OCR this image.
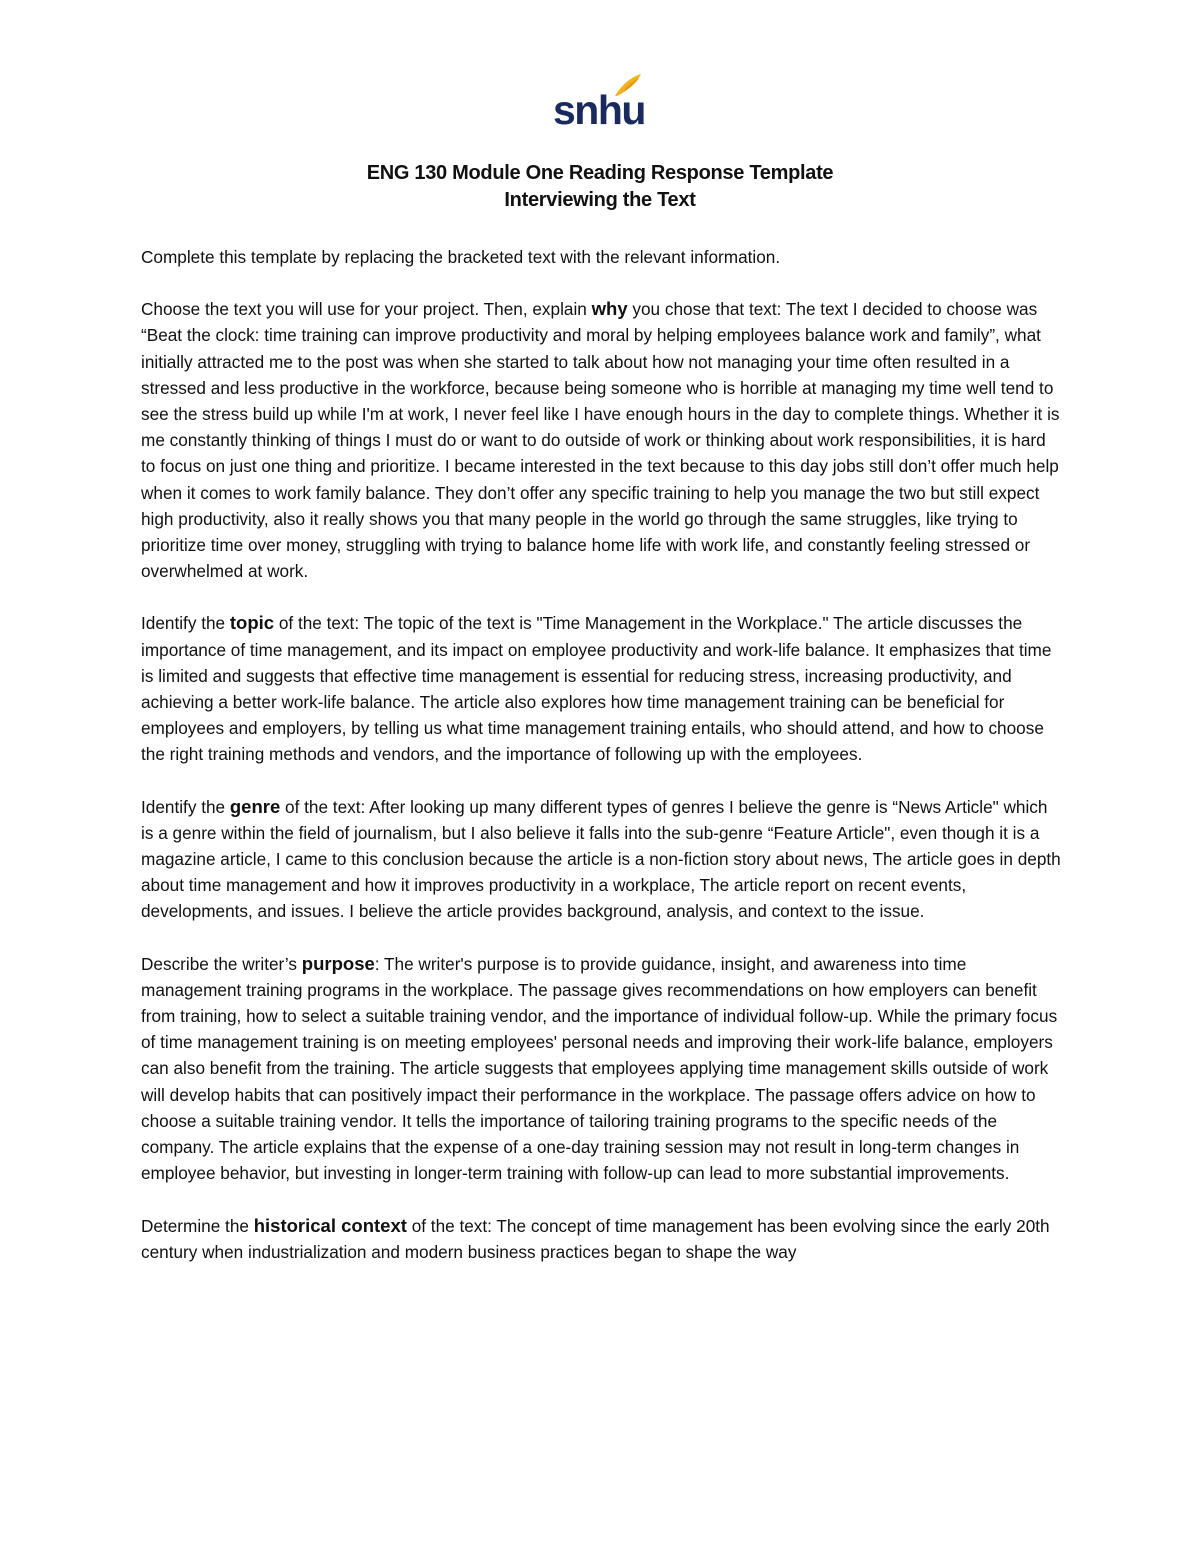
snhu
ENG 130 Module One Reading Response Template
Interviewing the Text

Complete this template by replacing the bracketed text with the relevant information.

Choose the text you will use for your project. Then, explain why you chose that text: The text I decided to choose was “Beat the clock: time training can improve productivity and moral by helping employees balance work and family”, what initially attracted me to the post was when she started to talk about how not managing your time often resulted in a stressed and less productive in the workforce, because being someone who is horrible at managing my time well tend to see the stress build up while I'm at work, I never feel like I have enough hours in the day to complete things. Whether it is me constantly thinking of things I must do or want to do outside of work or thinking about work responsibilities, it is hard to focus on just one thing and prioritize. I became interested in the text because to this day jobs still don’t offer much help when it comes to work family balance. They don’t offer any specific training to help you manage the two but still expect high productivity, also it really shows you that many people in the world go through the same struggles, like trying to prioritize time over money, struggling with trying to balance home life with work life, and constantly feeling stressed or overwhelmed at work.

Identify the topic of the text: The topic of the text is "Time Management in the Workplace." The article discusses the importance of time management, and its impact on employee productivity and work-life balance. It emphasizes that time is limited and suggests that effective time management is essential for reducing stress, increasing productivity, and achieving a better work-life balance. The article also explores how time management training can be beneficial for employees and employers, by telling us what time management training entails, who should attend, and how to choose the right training methods and vendors, and the importance of following up with the employees.

Identify the genre of the text: After looking up many different types of genres I believe the genre is “News Article" which is a genre within the field of journalism, but I also believe it falls into the sub-genre “Feature Article", even though it is a magazine article, I came to this conclusion because the article is a non-fiction story about news, The article goes in depth about time management and how it improves productivity in a workplace, The article report on recent events, developments, and issues. I believe the article provides background, analysis, and context to the issue.

Describe the writer’s purpose: The writer's purpose is to provide guidance, insight, and awareness into time management training programs in the workplace. The passage gives recommendations on how employers can benefit from training, how to select a suitable training vendor, and the importance of individual follow-up. While the primary focus of time management training is on meeting employees' personal needs and improving their work-life balance, employers can also benefit from the training. The article suggests that employees applying time management skills outside of work will develop habits that can positively impact their performance in the workplace. The passage offers advice on how to choose a suitable training vendor. It tells the importance of tailoring training programs to the specific needs of the company. The article explains that the expense of a one-day training session may not result in long-term changes in employee behavior, but investing in longer-term training with follow-up can lead to more substantial improvements.

Determine the historical context of the text: The concept of time management has been evolving since the early 20th century when industrialization and modern business practices began to shape the way
